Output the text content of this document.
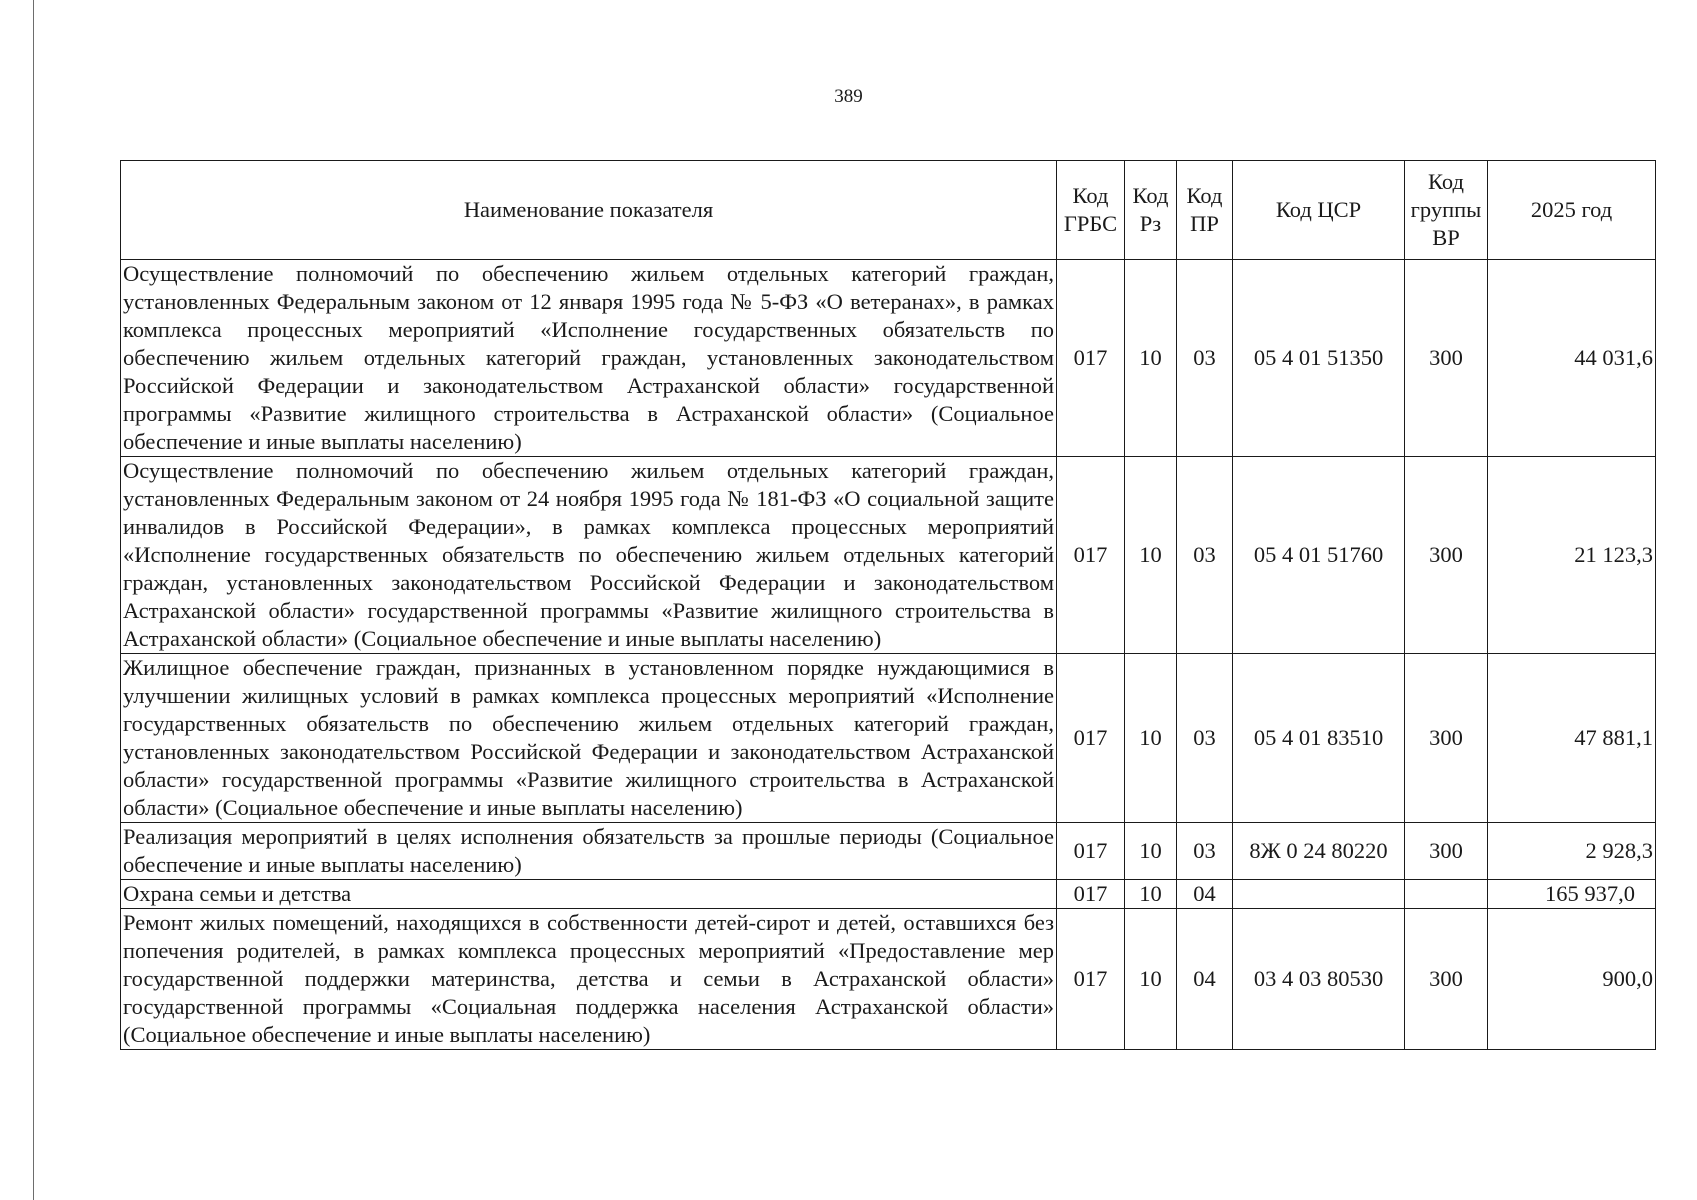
389
Наименование показателя	Код ГРБС	Код Рз	Код ПР	Код ЦСР	Код группы ВР	2025 год
Осуществление полномочий по обеспечению жильем отдельных категорий граждан, установленных Федеральным законом от 12 января 1995 года № 5-ФЗ «О ветеранах», в рамках комплекса процессных мероприятий «Исполнение государственных обязательств по обеспечению жильем отдельных категорий граждан, установленных законодательством Российской Федерации и законодательством Астраханской области» государственной программы «Развитие жилищного строительства в Астраханской области» (Социальное обеспечение и иные выплаты населению)	017	10	03	05 4 01 51350	300	44 031,6
Осуществление полномочий по обеспечению жильем отдельных категорий граждан, установленных Федеральным законом от 24 ноября 1995 года № 181-ФЗ «О социальной защите инвалидов в Российской Федерации», в рамках комплекса процессных мероприятий «Исполнение государственных обязательств по обеспечению жильем отдельных категорий граждан, установленных законодательством Российской Федерации и законодательством Астраханской области» государственной программы «Развитие жилищного строительства в Астраханской области» (Социальное обеспечение и иные выплаты населению)	017	10	03	05 4 01 51760	300	21 123,3
Жилищное обеспечение граждан, признанных в установленном порядке нуждающимися в улучшении жилищных условий в рамках комплекса процессных мероприятий «Исполнение государственных обязательств по обеспечению жильем отдельных категорий граждан, установленных законодательством Российской Федерации и законодательством Астраханской области» государственной программы «Развитие жилищного строительства в Астраханской области» (Социальное обеспечение и иные выплаты населению)	017	10	03	05 4 01 83510	300	47 881,1
Реализация мероприятий в целях исполнения обязательств за прошлые периоды (Социальное обеспечение и иные выплаты населению)	017	10	03	8Ж 0 24 80220	300	2 928,3
Охрана семьи и детства	017	10	04			165 937,0
Ремонт жилых помещений, находящихся в собственности детей-сирот и детей, оставшихся без попечения родителей, в рамках комплекса процессных мероприятий «Предоставление мер государственной поддержки материнства, детства и семьи в Астраханской области» государственной программы «Социальная поддержка населения Астраханской области» (Социальное обеспечение и иные выплаты населению)	017	10	04	03 4 03 80530	300	900,0
